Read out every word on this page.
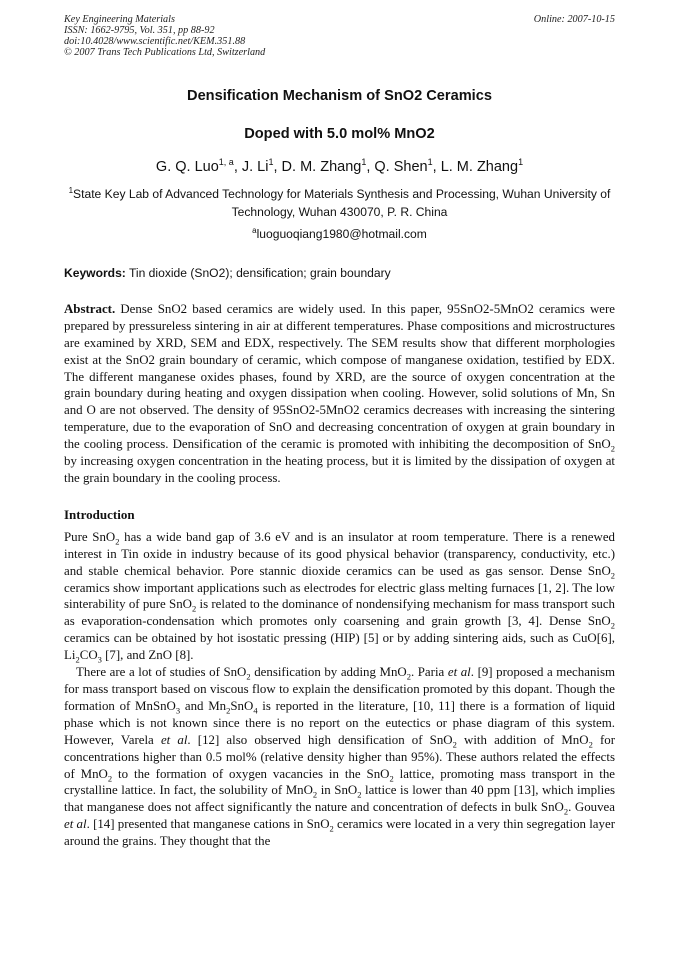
Key Engineering Materials
ISSN: 1662-9795, Vol. 351, pp 88-92
doi:10.4028/www.scientific.net/KEM.351.88
© 2007 Trans Tech Publications Ltd, Switzerland
Online: 2007-10-15
Densification Mechanism of SnO2 Ceramics
Doped with 5.0 mol% MnO2
G. Q. Luo$^{1, a}$, J. Li$^1$, D. M. Zhang$^1$, Q. Shen$^1$, L. M. Zhang$^1$
$^1$State Key Lab of Advanced Technology for Materials Synthesis and Processing, Wuhan University of Technology, Wuhan 430070, P. R. China
$^a$luoguoqiang1980@hotmail.com
Keywords: Tin dioxide (SnO2); densification; grain boundary
Abstract. Dense SnO2 based ceramics are widely used. In this paper, 95SnO2-5MnO2 ceramics were prepared by pressureless sintering in air at different temperatures. Phase compositions and microstructures are examined by XRD, SEM and EDX, respectively. The SEM results show that different morphologies exist at the SnO2 grain boundary of ceramic, which compose of manganese oxidation, testified by EDX. The different manganese oxides phases, found by XRD, are the source of oxygen concentration at the grain boundary during heating and oxygen dissipation when cooling. However, solid solutions of Mn, Sn and O are not observed. The density of 95SnO2-5MnO2 ceramics decreases with increasing the sintering temperature, due to the evaporation of SnO and decreasing concentration of oxygen at grain boundary in the cooling process. Densification of the ceramic is promoted with inhibiting the decomposition of SnO$_2$ by increasing oxygen concentration in the heating process, but it is limited by the dissipation of oxygen at the grain boundary in the cooling process.
Introduction
Pure SnO$_2$ has a wide band gap of 3.6 eV and is an insulator at room temperature. There is a renewed interest in Tin oxide in industry because of its good physical behavior (transparency, conductivity, etc.) and stable chemical behavior. Pore stannic dioxide ceramics can be used as gas sensor. Dense SnO$_2$ ceramics show important applications such as electrodes for electric glass melting furnaces [1, 2]. The low sinterability of pure SnO$_2$ is related to the dominance of nondensifying mechanism for mass transport such as evaporation-condensation which promotes only coarsening and grain growth [3, 4]. Dense SnO$_2$ ceramics can be obtained by hot isostatic pressing (HIP) [5] or by adding sintering aids, such as CuO[6], $Li_2CO_3$ [7], and ZnO [8].
There are a lot of studies of SnO$_2$ densification by adding MnO$_2$. Paria et al. [9] proposed a mechanism for mass transport based on viscous flow to explain the densification promoted by this dopant. Though the formation of MnSnO$_3$ and $Mn_2SnO_4$ is reported in the literature, [10, 11] there is a formation of liquid phase which is not known since there is no report on the eutectics or phase diagram of this system. However, Varela et al. [12] also observed high densification of SnO$_2$ with addition of MnO$_2$ for concentrations higher than 0.5 mol% (relative density higher than 95%). These authors related the effects of MnO$_2$ to the formation of oxygen vacancies in the SnO$_2$ lattice, promoting mass transport in the crystalline lattice. In fact, the solubility of MnO$_2$ in SnO$_2$ lattice is lower than 40 ppm [13], which implies that manganese does not affect significantly the nature and concentration of defects in bulk SnO$_2$. Gouvea et al. [14] presented that manganese cations in SnO$_2$ ceramics were located in a very thin segregation layer around the grains. They thought that the
